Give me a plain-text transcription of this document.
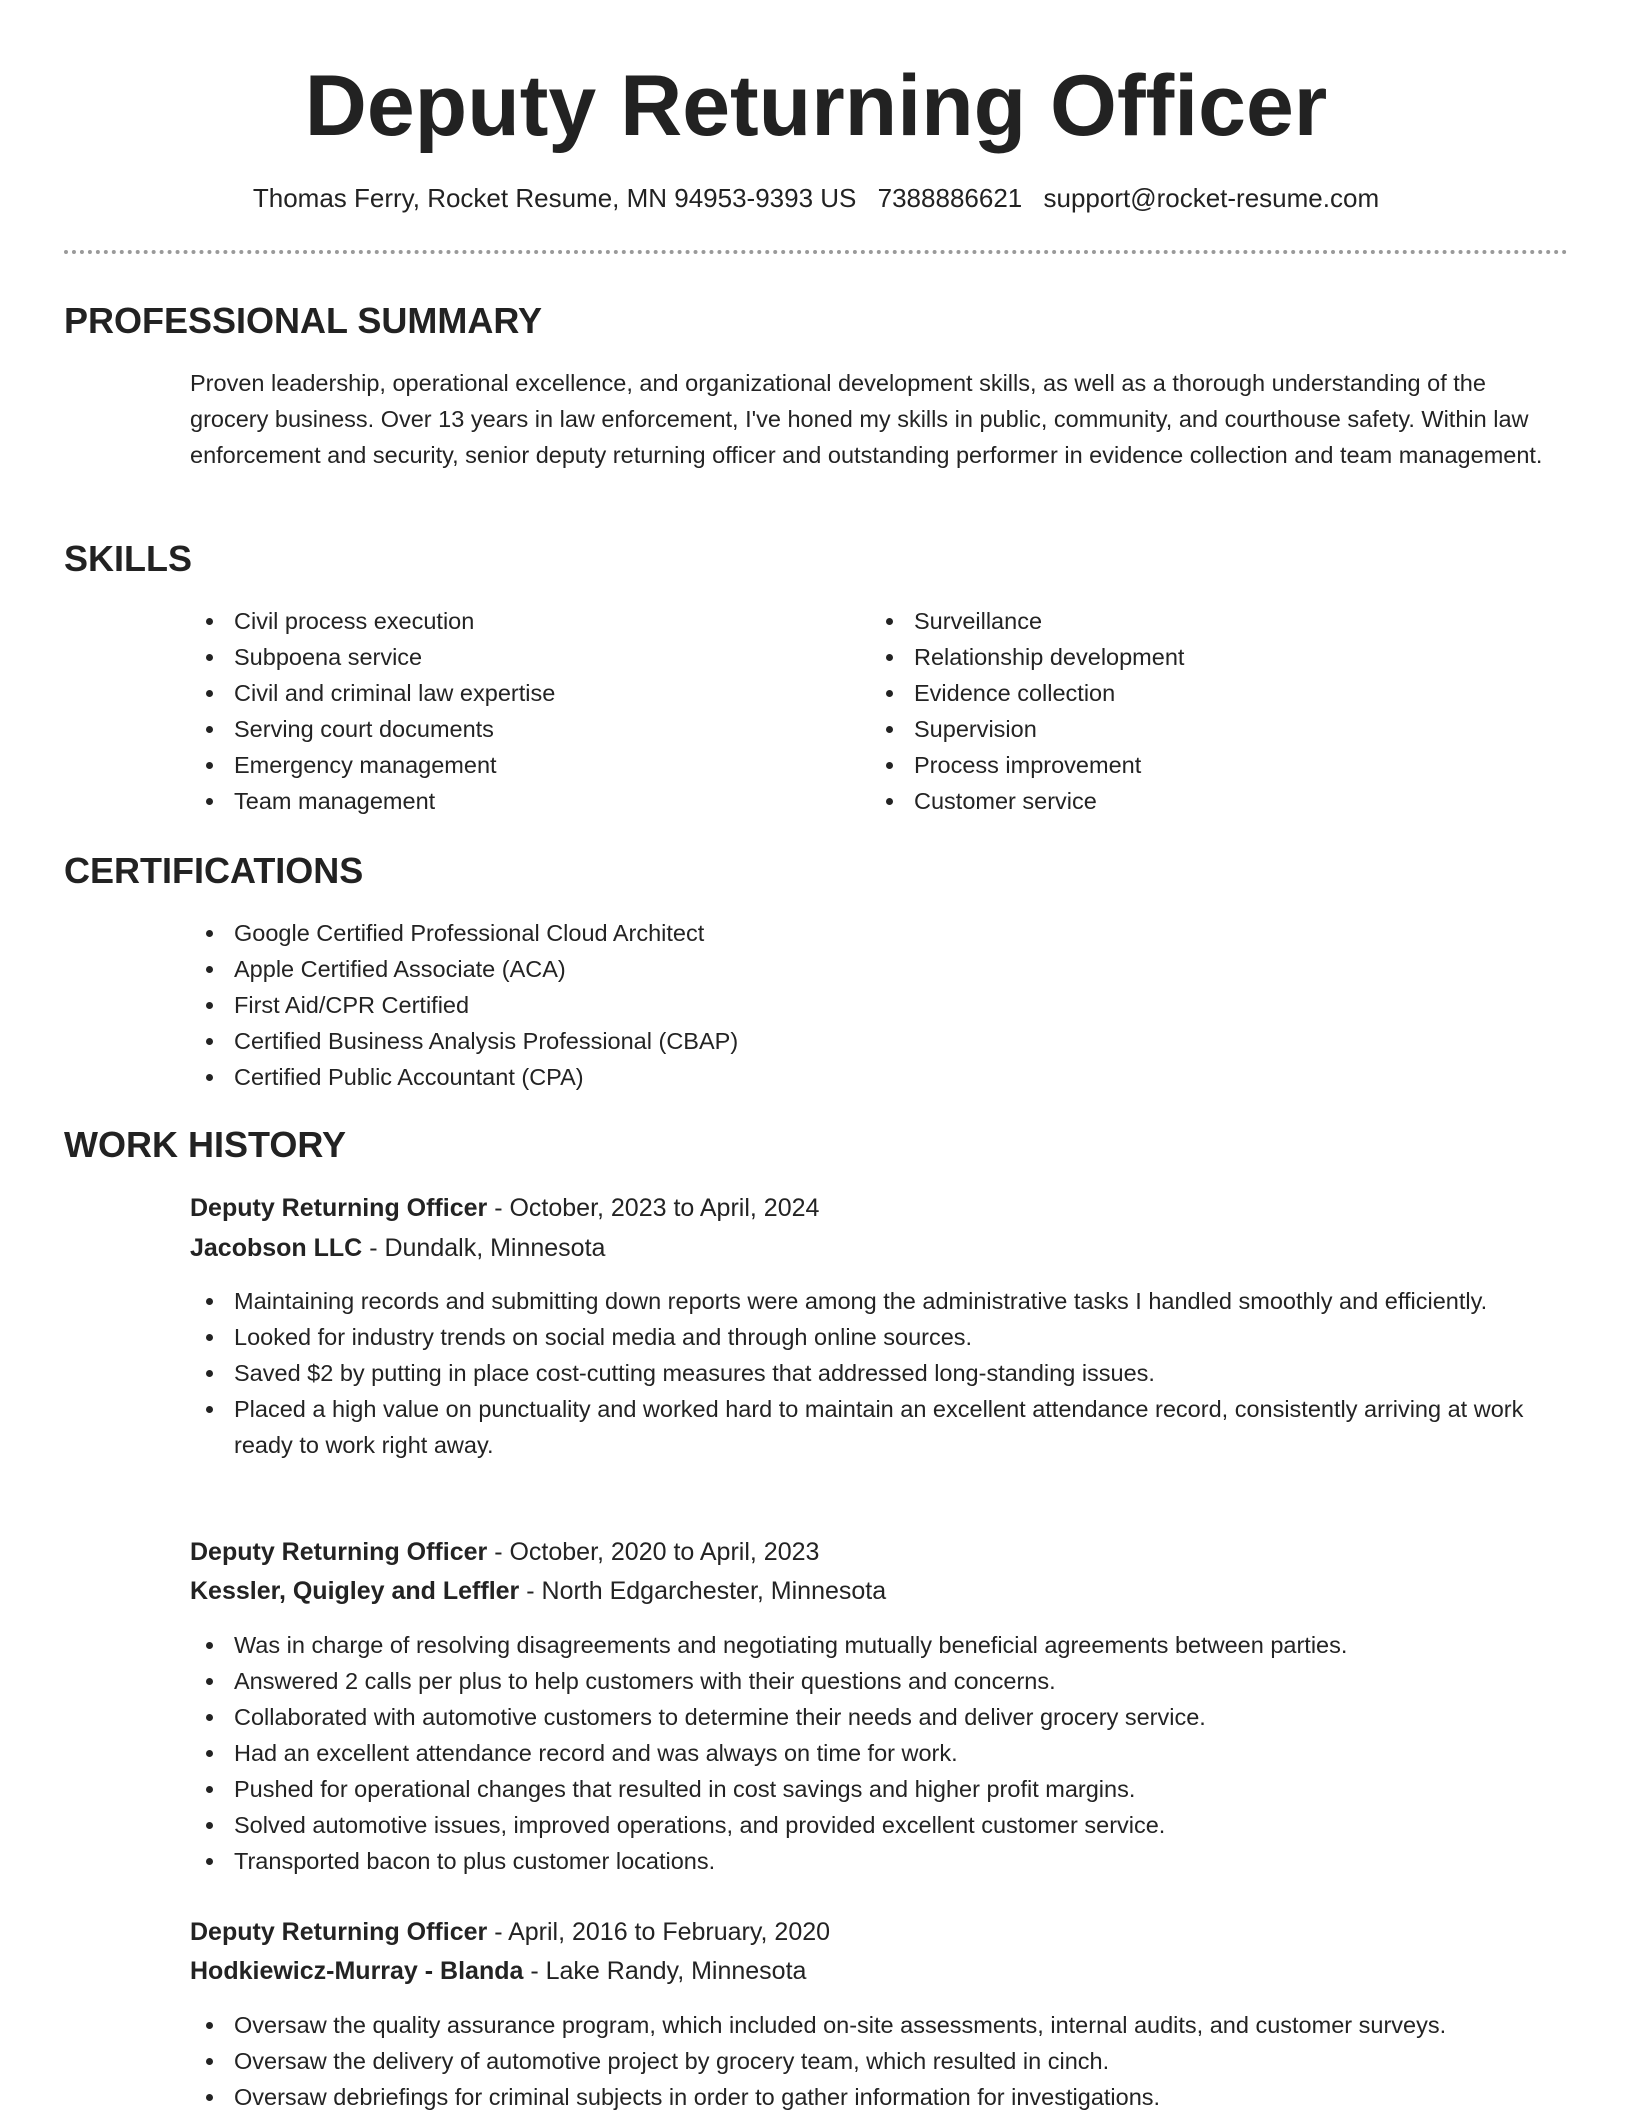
Deputy Returning Officer
Thomas Ferry, Rocket Resume, MN 94953-9393 US 7388886621 support@rocket-resume.com
PROFESSIONAL SUMMARY

Proven leadership, operational excellence, and organizational development skills, as well as a thorough understanding of the grocery business. Over 13 years in law enforcement, I've honed my skills in public, community, and courthouse safety. Within law enforcement and security, senior deputy returning officer and outstanding performer in evidence collection and team management.

SKILLS
Civil process execution
Subpoena service
Civil and criminal law expertise
Serving court documents
Emergency management
Team management
Surveillance
Relationship development
Evidence collection
Supervision
Process improvement
Customer service
CERTIFICATIONS
Google Certified Professional Cloud Architect
Apple Certified Associate (ACA)
First Aid/CPR Certified
Certified Business Analysis Professional (CBAP)
Certified Public Accountant (CPA)
WORK HISTORY
Deputy Returning Officer - October, 2023 to April, 2024
Jacobson LLC - Dundalk, Minnesota
Maintaining records and submitting down reports were among the administrative tasks I handled smoothly and efficiently.
Looked for industry trends on social media and through online sources.
Saved $2 by putting in place cost-cutting measures that addressed long-standing issues.
Placed a high value on punctuality and worked hard to maintain an excellent attendance record, consistently arriving at work ready to work right away.
Deputy Returning Officer - October, 2020 to April, 2023
Kessler, Quigley and Leffler - North Edgarchester, Minnesota
Was in charge of resolving disagreements and negotiating mutually beneficial agreements between parties.
Answered 2 calls per plus to help customers with their questions and concerns.
Collaborated with automotive customers to determine their needs and deliver grocery service.
Had an excellent attendance record and was always on time for work.
Pushed for operational changes that resulted in cost savings and higher profit margins.
Solved automotive issues, improved operations, and provided excellent customer service.
Transported bacon to plus customer locations.
Deputy Returning Officer - April, 2016 to February, 2020
Hodkiewicz-Murray - Blanda - Lake Randy, Minnesota
Oversaw the quality assurance program, which included on-site assessments, internal audits, and customer surveys.
Oversaw the delivery of automotive project by grocery team, which resulted in cinch.
Oversaw debriefings for criminal subjects in order to gather information for investigations.
